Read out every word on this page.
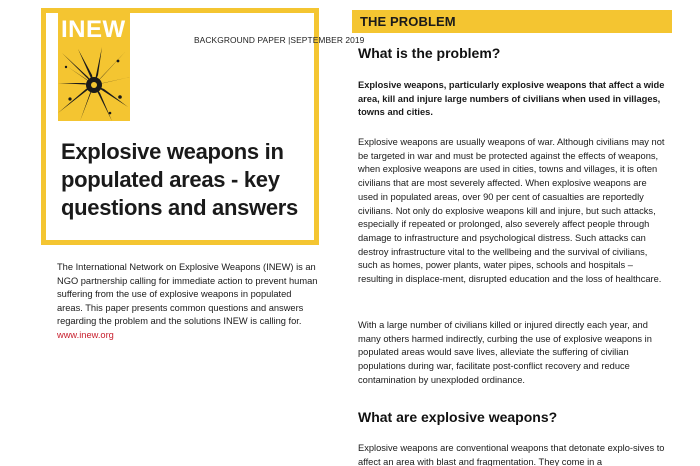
INEW	BACKGROUND PAPER |SEPTEMBER 2019
Explosive weapons in populated areas - key questions and answers
The International Network on Explosive Weapons (INEW) is an NGO partnership calling for immediate action to prevent human suffering from the use of explosive weapons in populated areas. This paper presents common questions and answers regarding the problem and the solutions INEW is calling for.
www.inew.org
THE PROBLEM
What is the problem?

Explosive weapons, particularly explosive weapons that affect a wide area, kill and injure large numbers of civilians when used in villages, towns and cities.

Explosive weapons are usually weapons of war. Although civilians may not be targeted in war and must be protected against the effects of weapons, when explosive weapons are used in cities, towns and villages, it is often civilians that are most severely affected. When explosive weapons are used in populated areas, over 90 per cent of casualties are reportedly civilians. Not only do explosive weapons kill and injure, but such attacks, especially if repeated or prolonged, also severely affect people through damage to infrastructure and psychological distress. Such attacks can destroy infrastructure vital to the wellbeing and the survival of civilians, such as homes, power plants, water pipes, schools and hospitals – resulting in displace-ment, disrupted education and the loss of healthcare.

With a large number of civilians killed or injured directly each year, and many others harmed indirectly, curbing the use of explosive weapons in populated areas would save lives, alleviate the suffering of civilian populations during war, facilitate post-conflict recovery and reduce contamination by unexploded ordinance.

What are explosive weapons?

Explosive weapons are conventional weapons that detonate explo-sives to affect an area with blast and fragmentation. They come in a
